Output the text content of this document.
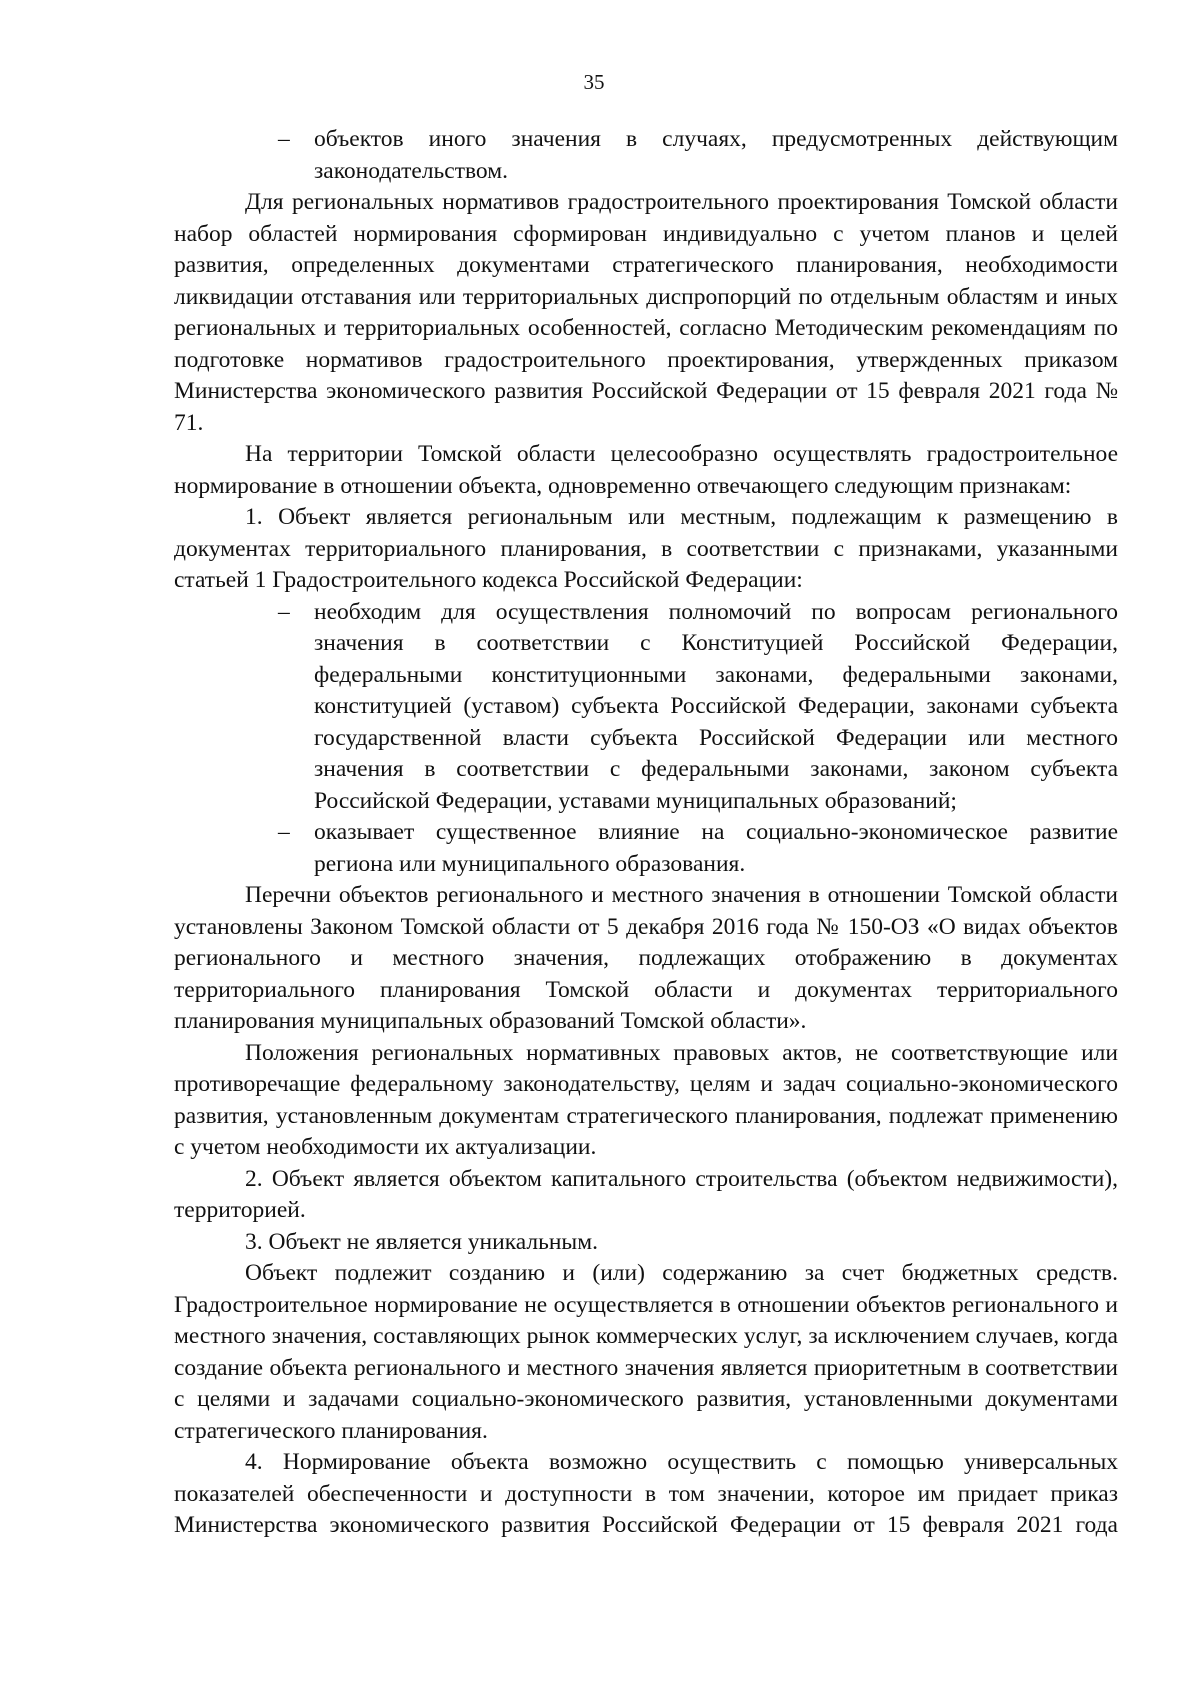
35
–	объектов иного значения в случаях, предусмотренных действующим законодательством.

Для региональных нормативов градостроительного проектирования Томской области набор областей нормирования сформирован индивидуально с учетом планов и целей развития, определенных документами стратегического планирования, необходимости ликвидации отставания или территориальных диспропорций по отдельным областям и иных региональных и территориальных особенностей, согласно Методическим рекомендациям по подготовке нормативов градостроительного проектирования, утвержденных приказом Министерства экономического развития Российской Федерации от 15 февраля 2021 года № 71.

На территории Томской области целесообразно осуществлять градостроительное нормирование в отношении объекта, одновременно отвечающего следующим признакам:

1. Объект является региональным или местным, подлежащим к размещению в документах территориального планирования, в соответствии с признаками, указанными статьей 1 Градостроительного кодекса Российской Федерации:

–	необходим для осуществления полномочий по вопросам регионального значения в соответствии с Конституцией Российской Федерации, федеральными конституционными законами, федеральными законами, конституцией (уставом) субъекта Российской Федерации, законами субъекта государственной власти субъекта Российской Федерации или местного значения в соответствии с федеральными законами, законом субъекта Российской Федерации, уставами муниципальных образований;
–	оказывает существенное влияние на социально-экономическое развитие региона или муниципального образования.

Перечни объектов регионального и местного значения в отношении Томской области установлены Законом Томской области от 5 декабря 2016 года № 150-ОЗ «О видах объектов регионального и местного значения, подлежащих отображению в документах территориального планирования Томской области и документах территориального планирования муниципальных образований Томской области».

Положения региональных нормативных правовых актов, не соответствующие или противоречащие федеральному законодательству, целям и задач социально-экономического развития, установленным документам стратегического планирования, подлежат применению с учетом необходимости их актуализации.

2. Объект является объектом капитального строительства (объектом недвижимости), территорией.

3. Объект не является уникальным.

Объект подлежит созданию и (или) содержанию за счет бюджетных средств. Градостроительное нормирование не осуществляется в отношении объектов регионального и местного значения, составляющих рынок коммерческих услуг, за исключением случаев, когда создание объекта регионального и местного значения является приоритетным в соответствии с целями и задачами социально-экономического развития, установленными документами стратегического планирования.

4. Нормирование объекта возможно осуществить с помощью универсальных показателей обеспеченности и доступности в том значении, которое им придает приказ Министерства экономического развития Российской Федерации от 15 февраля 2021 года
